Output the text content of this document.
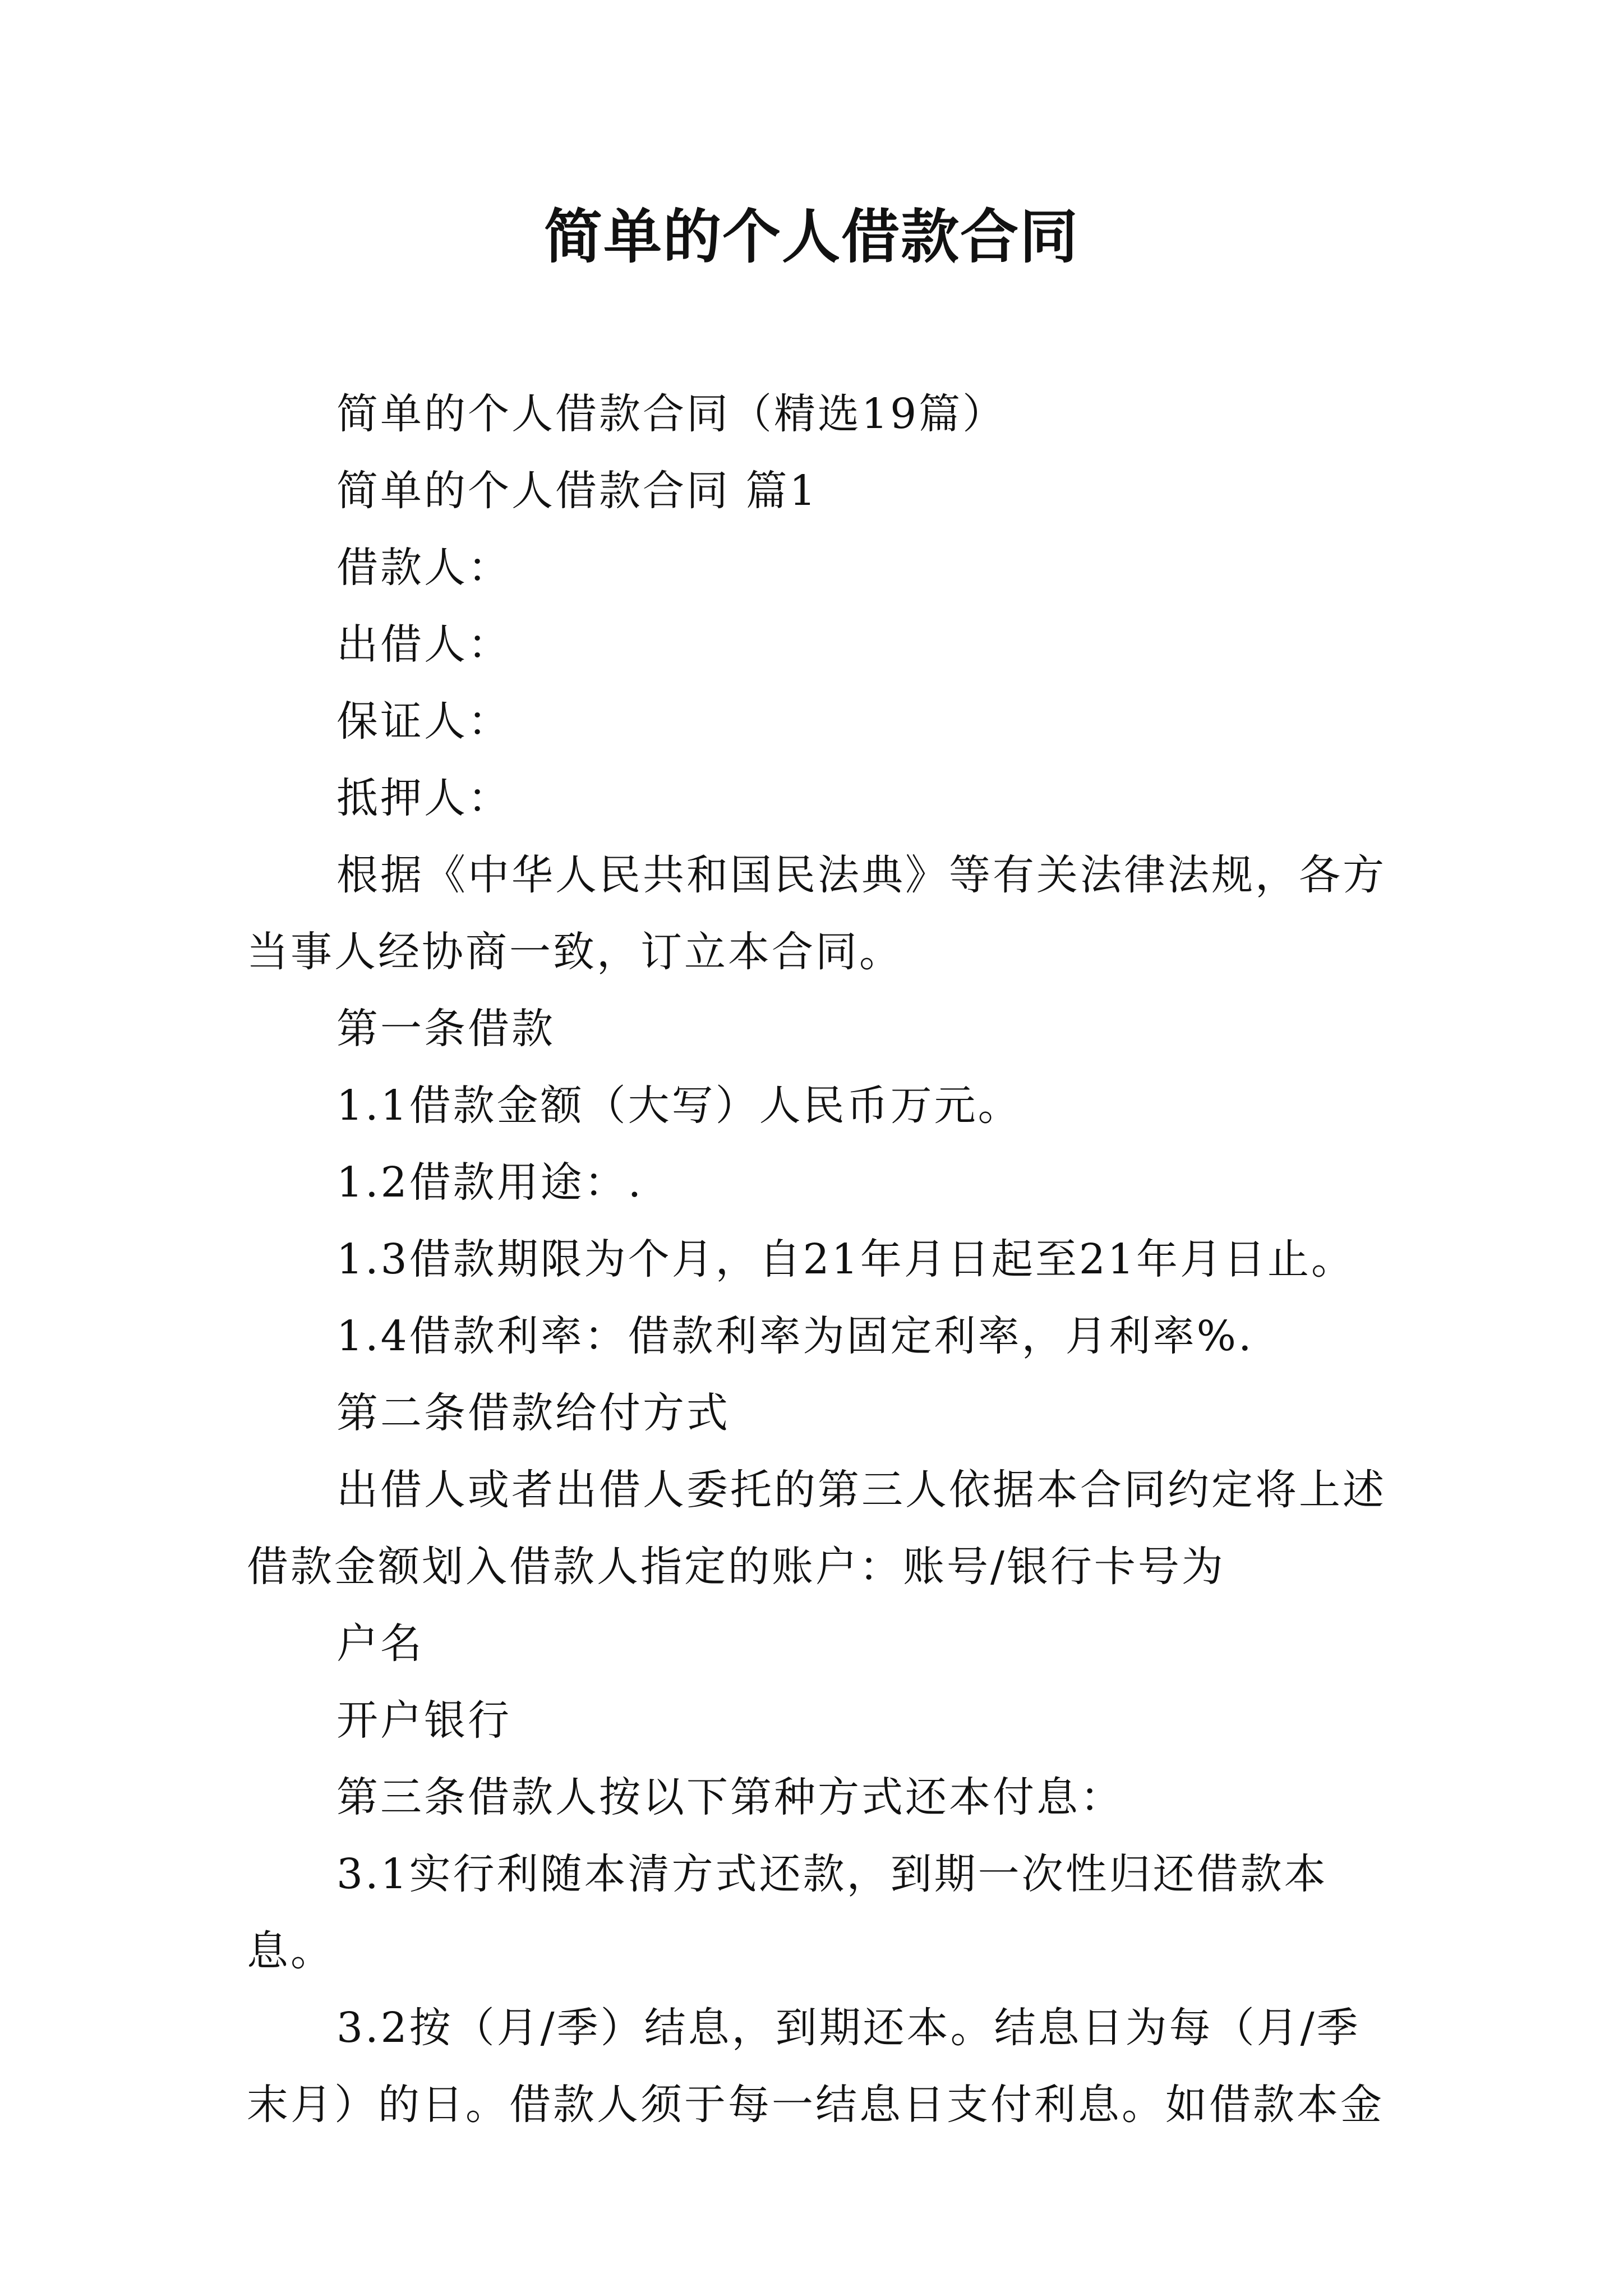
简单的个人借款合同

简单的个人借款合同（精选19篇）

简单的个人借款合同 篇1

借款人：

出借人：

保证人：

抵押人：

根据《中华人民共和国民法典》等有关法律法规，各方当事人经协商一致，订立本合同。

第一条借款

1.1借款金额（大写）人民币万元。

1.2借款用途：.

1.3借款期限为个月，自21年月日起至21年月日止。

1.4借款利率：借款利率为固定利率，月利率%.

第二条借款给付方式

出借人或者出借人委托的第三人依据本合同约定将上述借款金额划入借款人指定的账户：账号/银行卡号为

户名

开户银行

第三条借款人按以下第种方式还本付息：

3.1实行利随本清方式还款，到期一次性归还借款本息。

3.2按（月/季）结息，到期还本。结息日为每（月/季末月）的日。借款人须于每一结息日支付利息。如借款本金
